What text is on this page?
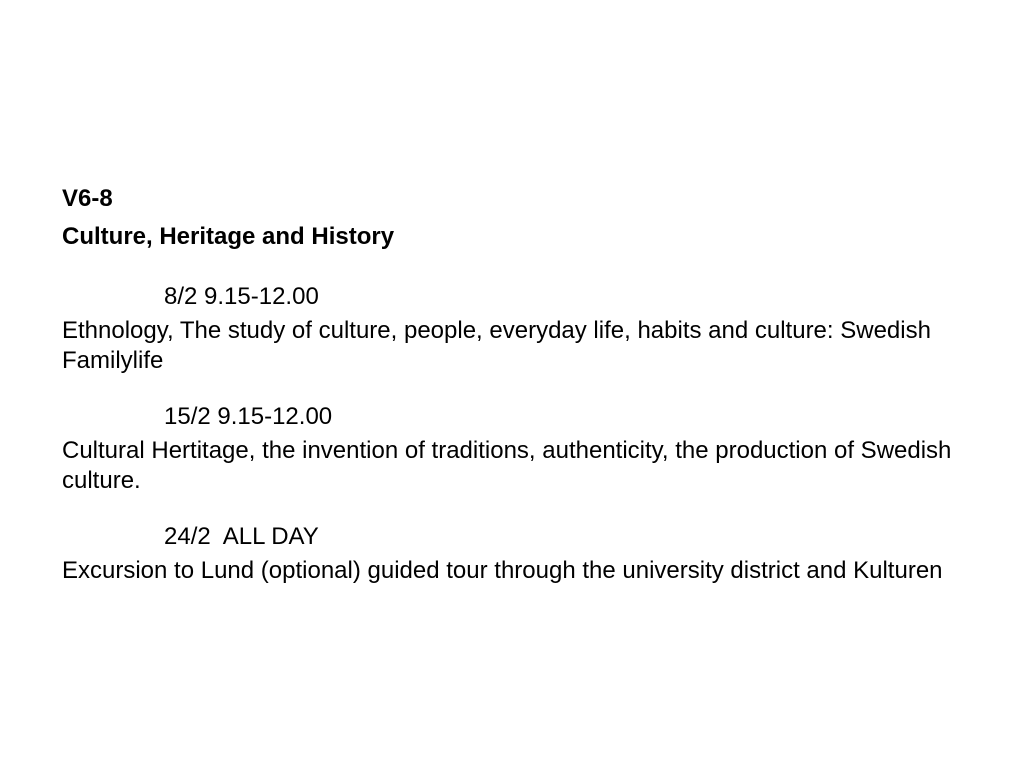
V6-8
Culture, Heritage and History
8/2 9.15-12.00
Ethnology, The study of culture, people, everyday life, habits and culture: Swedish Familylife
15/2 9.15-12.00
Cultural Hertitage, the invention of traditions, authenticity, the production of Swedish culture.
24/2  ALL DAY
Excursion to Lund (optional) guided tour through the university district and Kulturen
